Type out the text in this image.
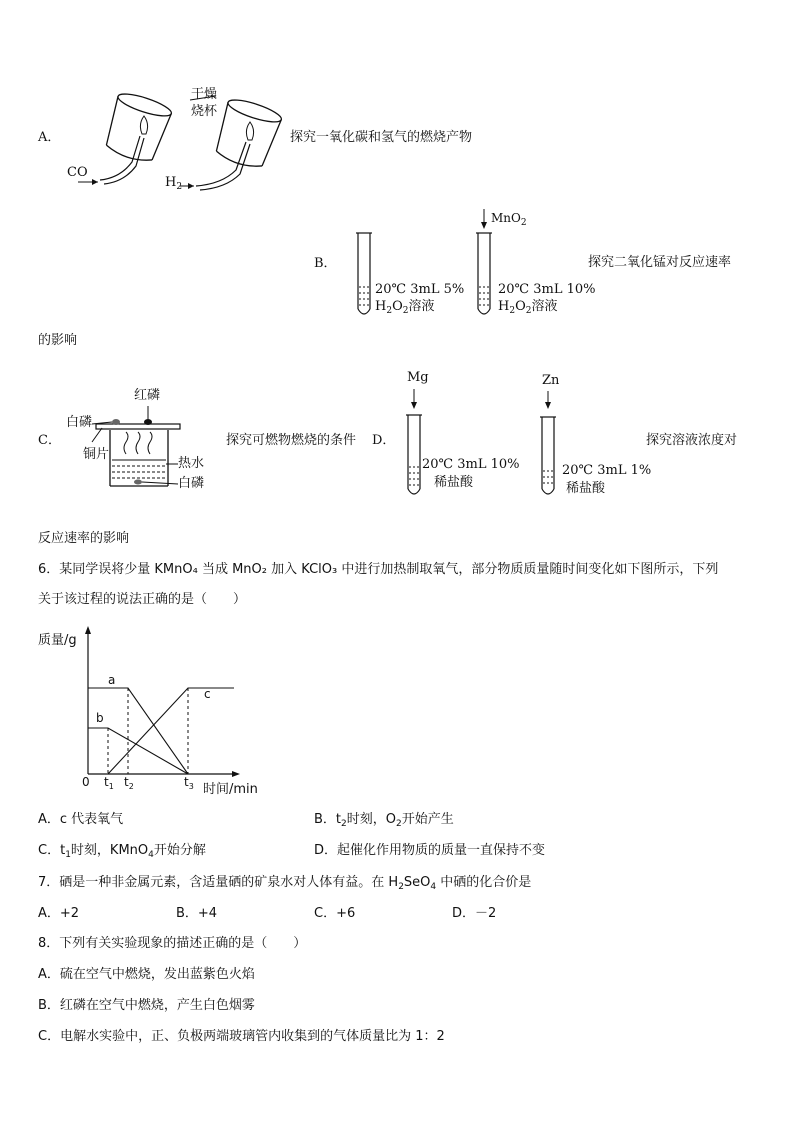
A．
干燥
烧杯
CO
$H_2$
探究一氧化碳和氢气的燃烧产物
B．
MnO$_2$
20℃ 3mL 5%
$H_2O_2$溶液
20℃ 3mL 10%
$H_2O_2$溶液
探究二氧化锰对反应速率
的影响
C．
红磷
白磷
铜片
热水
白磷
探究可燃物燃烧的条件 D．
Mg	Zn
20℃ 3mL 10%
稀盐酸
20℃ 3mL 1%
稀盐酸
探究溶液浓度对
反应速率的影响
6．某同学误将少量 KMnO₄ 当成 MnO₂ 加入 KClO₃ 中进行加热制取氧气，部分物质质量随时间变化如下图所示，下列
关于该过程的说法正确的是（　　）
质量/g
a
b
c
0 $t_1$ $t_2$	$t_3$ 时间/min
A．c 代表氧气	B．$t_2$时刻，$O_2$开始产生
C．$t_1$时刻，KMnO$_4$开始分解	D．起催化作用物质的质量一直保持不变
7．硒是一种非金属元素，含适量硒的矿泉水对人体有益。在 $H_2SeO_4$ 中硒的化合价是
A．+2	B．+4	C．+6	D．－2
8．下列有关实验现象的描述正确的是（　　）
A．硫在空气中燃烧，发出蓝紫色火焰
B．红磷在空气中燃烧，产生白色烟雾
C．电解水实验中，正、负极两端玻璃管内收集到的气体质量比为 1：2
